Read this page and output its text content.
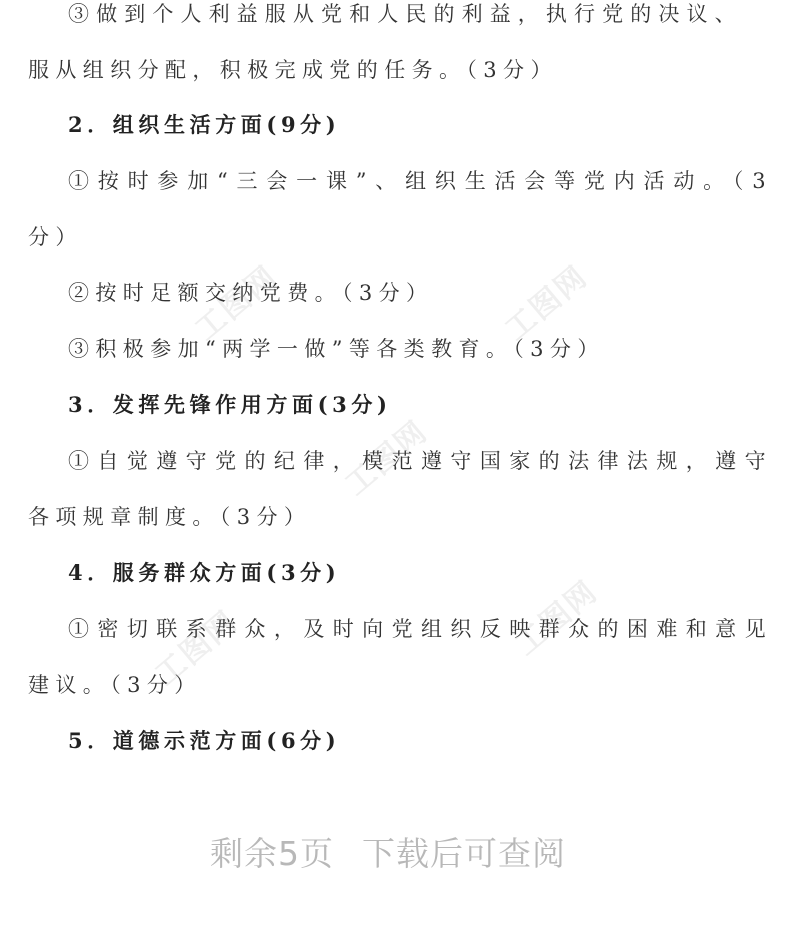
工图网	工图网
工图网
工图网	工图网
③做到个人利益服从党和人民的利益，执行党的决议、
服从组织分配，积极完成党的任务。（3分）
2．组织生活方面(9分)
①按时参加“三会一课”、组织生活会等党内活动。（3
分）
②按时足额交纳党费。（3分）
③积极参加“两学一做”等各类教育。（3分）
3．发挥先锋作用方面(3分)
①自觉遵守党的纪律，模范遵守国家的法律法规，遵守
各项规章制度。（3分）
4．服务群众方面(3分)
①密切联系群众，及时向党组织反映群众的困难和意见
建议。（3分）
5．道德示范方面(6分)
剩余5页 下载后可查阅
